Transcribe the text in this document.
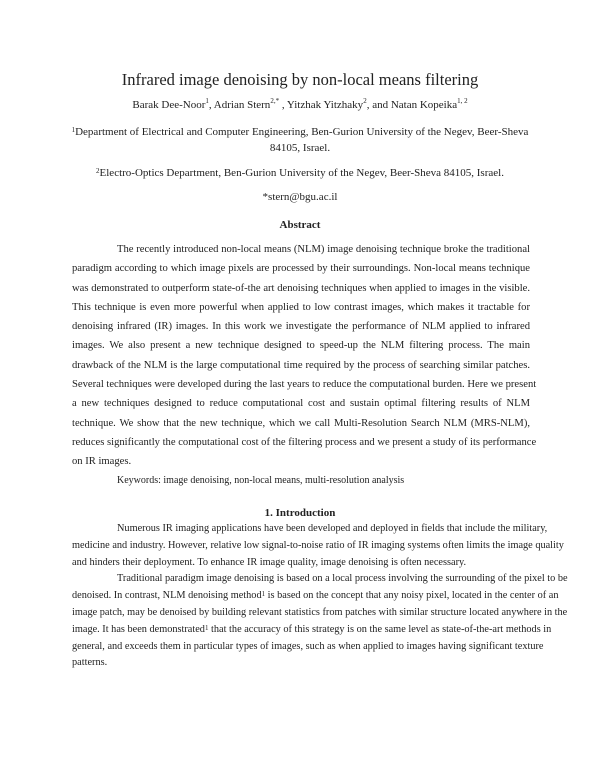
Infrared image denoising by non-local means filtering
Barak Dee-Noor$^1$, Adrian Stern$^{2,*}$ , Yitzhak Yitzhaky$^2$, and Natan Kopeika$^{1, 2}$
$^1$Department of Electrical and Computer Engineering, Ben-Gurion University of the Negev, Beer-Sheva 84105, Israel.
$^2$Electro-Optics Department, Ben-Gurion University of the Negev, Beer-Sheva 84105, Israel.
*stern@bgu.ac.il
Abstract
The recently introduced non-local means (NLM) image denoising technique broke the traditional
paradigm according to which image pixels are processed by their surroundings. Non-local means technique
was demonstrated to outperform state-of-the art denoising techniques when applied to images in the visible.
This technique is even more powerful when applied to low contrast images, which makes it tractable for
denoising infrared (IR) images. In this work we investigate the performance of NLM applied to infrared
images. We also present a new technique designed to speed-up the NLM filtering process. The main
drawback of the NLM is the large computational time required by the process of searching similar patches.
Several techniques were developed during the last years to reduce the computational burden. Here we present
a new techniques designed to reduce computational cost and sustain optimal filtering results of NLM
technique. We show that the new technique, which we call Multi-Resolution Search NLM (MRS-NLM),
reduces significantly the computational cost of the filtering process and we present a study of its performance
on IR images.
Keywords: image denoising, non-local means, multi-resolution analysis
1. Introduction
Numerous IR imaging applications have been developed and deployed in fields that include the military,
medicine and industry. However, relative low signal-to-noise ratio of IR imaging systems often limits the image quality
and hinders their deployment. To enhance IR image quality, image denoising is often necessary.
Traditional paradigm image denoising is based on a local process involving the surrounding of the pixel to be
denoised. In contrast, NLM denoising method$^1$ is based on the concept that any noisy pixel, located in the center of an
image patch, may be denoised by building relevant statistics from patches with similar structure located anywhere in the
image. It has been demonstrated$^1$ that the accuracy of this strategy is on the same level as state-of-the-art methods in
general, and exceeds them in particular types of images, such as when applied to images having significant texture
patterns.
